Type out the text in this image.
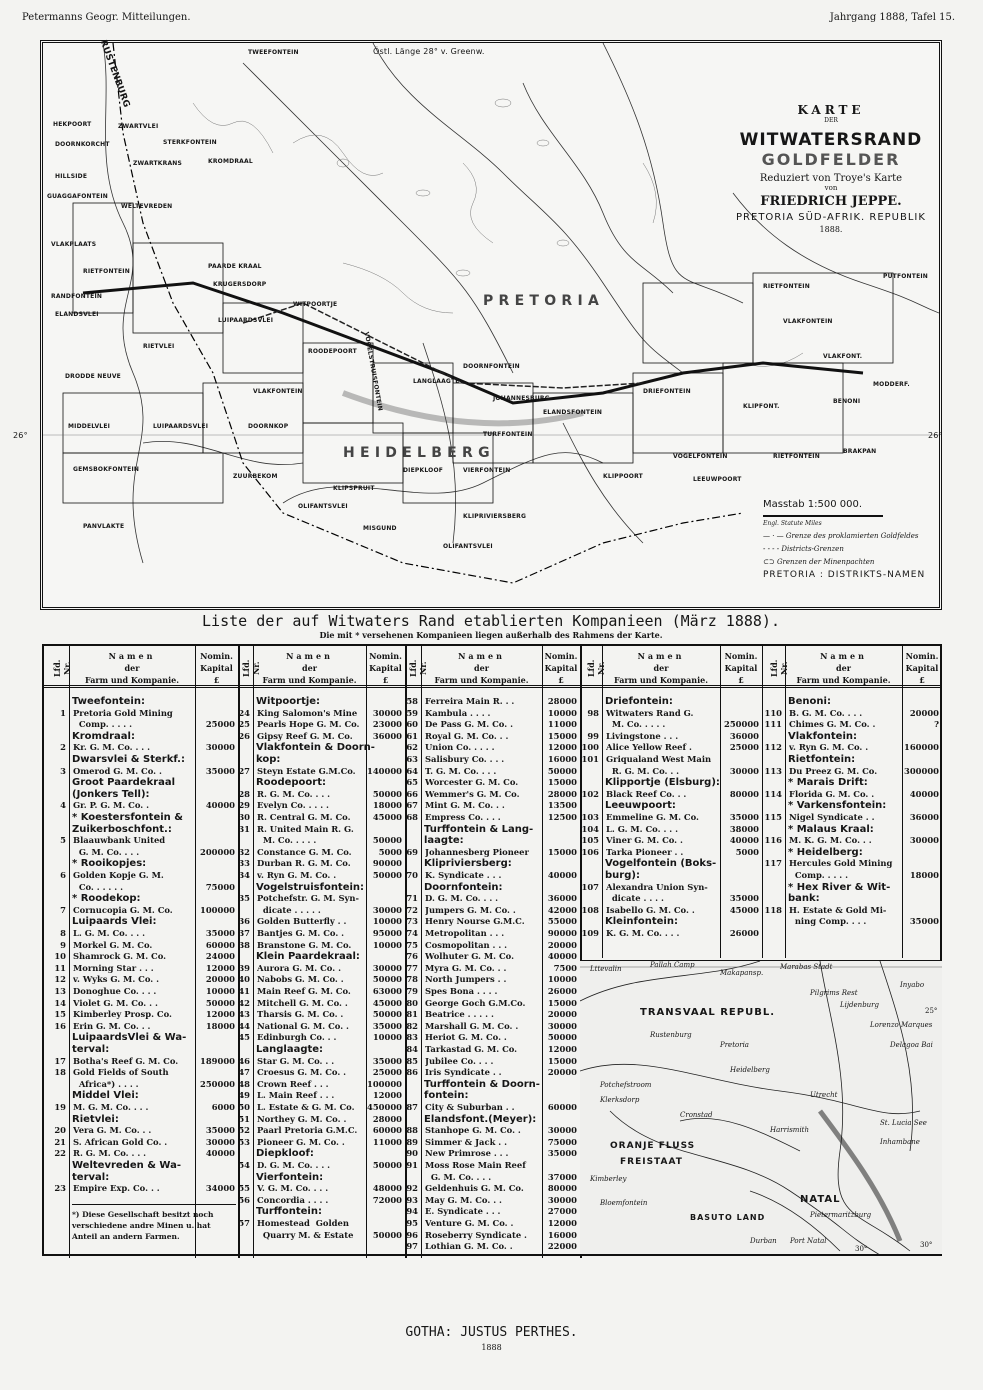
Petermanns Geogr. Mitteilungen.	Jahrgang 1888, Tafel 15.
Östl. Länge 28° v. Greenw.
26°	26°
HEKPOORT
TWEEFONTEIN
DOORNKORCHT
ZWARTVLEI
STERKFONTEIN
KROMDRAAL
ZWARTKRANS
HILLSIDE
GUAGGAFONTEIN
RUSTENBURG
WELTEVREDEN
VLAKPLAATS
RIETFONTEIN
RANDFONTEIN
ELANDSVLEI
PAARDE KRAAL
KRUGERSDORP
LUIPAARDSVLEI
WITPOORTJE
RIETVLEI
DRODDE NEUVE
MIDDELVLEI	LUIPAARDSVLEI
GEMSBOKFONTEIN
PANVLAKTE
ZUURBEKOM
DOORNKOP
VLAKFONTEIN
ROODEPOORT VOGELSTRUISFONTEIN	LANGLAAGTE
JOHANNESBURG
TURFFONTEIN
DOORNFONTEIN
ELANDSFONTEIN
DRIEFONTEIN
KLIPFONT.
BENONI
BRAKPAN
RIETFONTEIN
PUTFONTEIN
VLAKFONTEIN
VLAKFONT.
MODDERF.
RIETFONTEIN
LEEUWPOORT
VOGELFONTEIN
KLIPPOORT
KLIPRIVIERSBERG
OLIFANTSVLEI
MISGUND
DIEPKLOOF	VIERFONTEIN
KLIPSPRUIT
OLIFANTSVLEI
P R E T O R I A
H E I D E L B E R G
KARTE
DER
WITWATERSRAND
GOLDFELDER
Reduziert von Troye's Karte
von
FRIEDRICH JEPPE.
PRETORIA SÜD-AFRIK. REPUBLIK
1888.
Masstab 1:500 000.
Engl. Statute Miles
— · — Grenze des proklamierten Goldfeldes
- - - - Districts-Grenzen
⊂⊃ Grenzen der Minenpachten
PRETORIA : DISTRIKTS-NAMEN
Liste der auf Witwaters Rand etablierten Kompanieen (März 1888).
Die mit * versehenen Kompanieen liegen außerhalb des Rahmens der Karte.
Lfd. Nr.
Namen
der
Farm und Kompanie.
Nomin.
Kapital
£
Tweefontein:
1 Pretoria Gold Mining
Comp. . . . .	25000
Kromdraal:
2 Kr. G. M. Co. . . .	30000
Dwarsvlei & Sterkf.:
3 Omerod G. M. Co. .	35000
Groot Paardekraal
(Jonkers Tell):
4 Gr. P. G. M. Co. .	40000
* Koestersfontein &
Zuikerboschfont.:
5 Blaauwbank United
G. M. Co. . . .	200000
* Rooikopjes:
6 Golden Kopje G. M.
Co. . . . . .	75000
* Roodekop:
7 Cornucopia G. M. Co.	100000
Luipaards Vlei:
8 L. G. M. Co. . . .	35000
9 Morkel G. M. Co.	60000
10 Shamrock G. M. Co.	24000
11 Morning Star . . .	12000
12 v. Wyks G. M. Co. .	20000
13 Donoghue Co. . . .	10000
14 Violet G. M. Co. . .	50000
15 Kimberley Prosp. Co.	12000
16 Erin G. M. Co. . .	18000
LuipaardsVlei & Wa-
terval:
17 Botha's Reef G. M. Co.	189000
18 Gold Fields of South
Africa*) . . . .	250000
Middel Vlei:
19 M. G. M. Co. . . .	6000
Rietvlei:
20 Vera G. M. Co. . .	35000
21 S. African Gold Co. .	30000
22 R. G. M. Co. . . .	40000
Weltevreden & Wa-
terval:
23 Empire Exp. Co. . .	34000
Lfd. Nr.
Namen
der
Farm und Kompanie.
Nomin.
Kapital
£
Witpoortje:
24 King Salomon's Mine	30000
25 Pearls Hope G. M. Co.	23000
26 Gipsy Reef G. M. Co.	36000
Vlakfontein & Doorn-
kop:
27 Steyn Estate G.M.Co.	140000
Roodepoort:
28 R. G. M. Co. . . .	50000
29 Evelyn Co. . . . .	18000
30 R. Central G. M. Co.	45000
31 R. United Main R. G.
M. Co. . . . .	50000
32 Constance G. M. Co.	5000
33 Durban R. G. M. Co.	90000
34 v. Ryn G. M. Co. .	50000
Vogelstruisfontein:
35 Potchefstr. G. M. Syn-
dicate . . . . .	30000
36 Golden Butterfly . .	10000
37 Bantjes G. M. Co. .	95000
38 Branstone G. M. Co.	10000
Klein Paardekraal:
39 Aurora G. M. Co. .	30000
40 Nabobs G. M. Co. .	50000
41 Main Reef G. M. Co.	63000
42 Mitchell G. M. Co. .	45000
43 Tharsis G. M. Co. .	50000
44 National G. M. Co. .	35000
45 Edinburgh Co. . .	10000
Langlaagte:
46 Star G. M. Co. . .	35000
47 Croesus G. M. Co. .	25000
48 Crown Reef . . .	100000
49 L. Main Reef . . .	12000
50 L. Estate & G. M. Co.	450000
51 Northey G. M. Co. .	28000
52 Paarl Pretoria G.M.C.	60000
53 Pioneer G. M. Co. .	11000
Diepkloof:
54 D. G. M. Co. . . .	50000
Vierfontein:
55 V. G. M. Co. . . .	48000
56 Concordia . . . .	72000
Turffontein:
57 Homestead  Golden
Quarry M. & Estate	50000
Lfd. Nr.
Namen
der
Farm und Kompanie.
Nomin.
Kapital
£
58 Ferreira Main R. . .	28000
59 Kambula . . . .	10000
60 De Pass G. M. Co. .	11000
61 Royal G. M. Co. . .	15000
62 Union Co. . . . .	12000
63 Salisbury Co. . . .	16000
64 T. G. M. Co. . . .	50000
65 Worcester G. M. Co.	15000
66 Wemmer's G. M. Co.	28000
67 Mint G. M. Co. . .	13500
68 Empress Co. . . .	12500
Turffontein & Lang-
laagte:
69 Johannesberg Pioneer	15000
Klipriviersberg:
70 K. Syndicate . . .	40000
Doornfontein:
71 D. G. M. Co. . . .	36000
72 Jumpers G. M. Co. .	42000
73 Henry Nourse G.M.C.	55000
74 Metropolitan . . .	90000
75 Cosmopolitan . . .	20000
76 Wolhuter G. M. Co.	40000
77 Myra G. M. Co. . .	7500
78 North Jumpers . .	10000
79 Spes Bona . . . .	26000
80 George Goch G.M.Co.	15000
81 Beatrice . . . . .	20000
82 Marshall G. M. Co. .	30000
83 Heriot G. M. Co. .	50000
84 Tarkastad G. M. Co.	12000
85 Jubilee Co. . . .	15000
86 Iris Syndicate . .	20000
Turffontein & Doorn-
fontein:
87 City & Suburban . .	60000
Elandsfont.(Meyer):
88 Stanhope G. M. Co. .	30000
89 Simmer & Jack . .	75000
90 New Primrose . . .	35000
91 Moss Rose Main Reef
G. M. Co. . . .	37000
92 Geldenhuis G. M. Co.	80000
93 May G. M. Co. . .	30000
94 E. Syndicate . . .	27000
95 Venture G. M. Co. .	12000
96 Roseberry Syndicate .	16000
97 Lothian G. M. Co. .	22000
Lfd. Nr.
Namen
der
Farm und Kompanie.
Nomin.
Kapital
£
Driefontein:
98 Witwaters Rand G.
M. Co. . . . .	250000
99 Livingstone . . .	36000
100 Alice Yellow Reef .	25000
101 Griqualand West Main
R. G. M. Co. . .	30000
Klipportje (Elsburg):
102 Black Reef Co. . .	80000
Leeuwpoort:
103 Emmeline G. M. Co.	35000
104 L. G. M. Co. . . .	38000
105 Viner G. M. Co. .	40000
106 Tarka Pioneer . .	5000
Vogelfontein (Boks-
burg):
107 Alexandra Union Syn-
dicate . . . .	35000
108 Isabello G. M. Co. .	45000
Kleinfontein:
109 K. G. M. Co. . . .	26000
Lfd. Nr.
Namen
der
Farm und Kompanie.
Nomin.
Kapital
£
Benoni:
110 B. G. M. Co. . . .	20000
111 Chimes G. M. Co. .	?
Vlakfontein:
112 v. Ryn G. M. Co. .	160000
Rietfontein:
113 Du Preez G. M. Co.	300000
* Marais Drift:
114 Florida G. M. Co. .	40000
* Varkensfontein:
115 Nigel Syndicate . .	36000
* Malaus Kraal:
116 M. K. G. M. Co. . .	30000
* Heidelberg:
117 Hercules Gold Mining
Comp. . . . .	18000
* Hex River & Wit-
bank:
118 H. Estate & Gold Mi-
ning Comp. . . .	35000
*) Diese Gesellschaft besitzt noch verschiedene andre Minen u. hat Anteil an andern Farmen.
Lttevalin	Pallah Camp
Makapansp.
Marabas Stadt
Lijdenburg
Inyabo
TRANSVAAL REPUBL.
Pilgrims Rest
Rustenburg
Pretoria
Heidelberg
Lorenzo Marques
Delagoa Bai
Potchefstroom
Klerksdorp
Utrecht
Cronstad
Harrismith
ORANJE FLUSS
FREISTAAT
Kimberley
Bloemfontein
BASUTO LAND
NATAL
Pietermaritzburg
Durban Port Natal
Inhambane
St. Lucia See
25°
30°
30°
GOTHA: JUSTUS PERTHES.
1888
